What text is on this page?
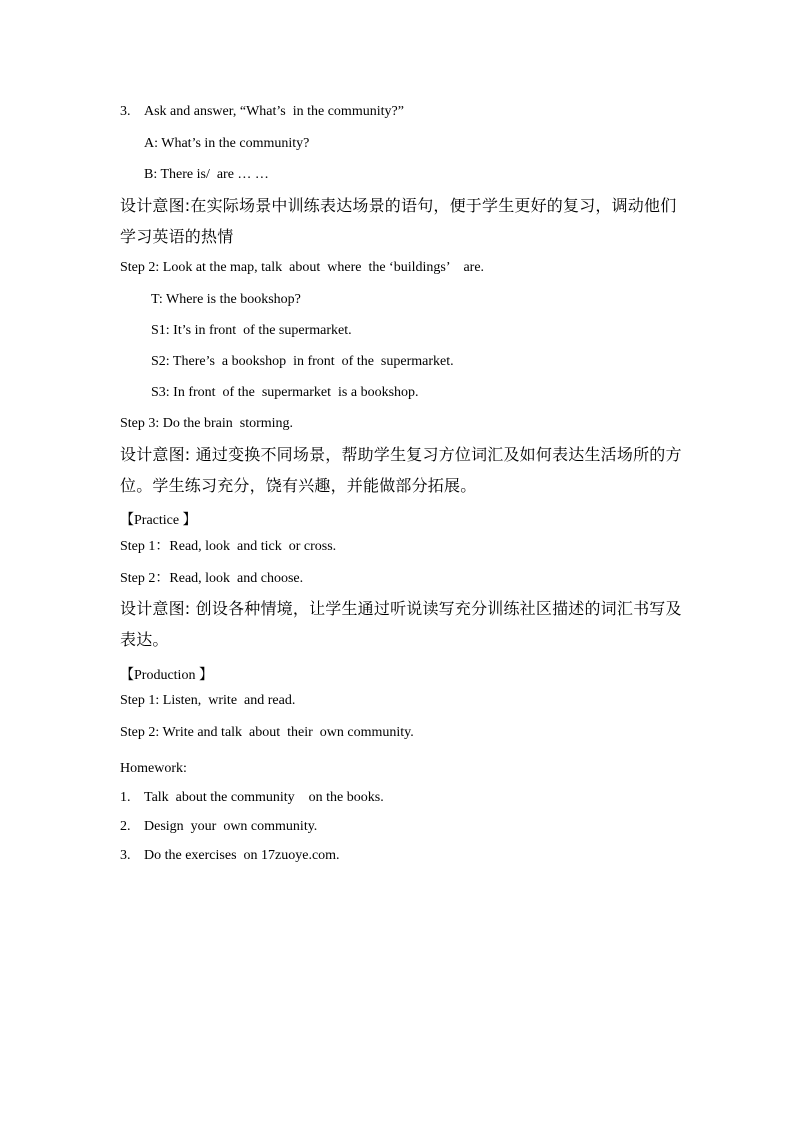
3. Ask and answer, “What’s  in the community?”
A: What’s in the community?
B: There is/  are … …
设计意图:在实际场景中训练表达场景的语句，便于学生更好的复习，调动他们
学习英语的热情
Step 2: Look at the map, talk  about  where  the ‘buildings’    are.
T: Where is the bookshop?
S1: It’s in front  of the supermarket.
S2: There’s  a bookshop  in front  of the  supermarket.
S3: In front  of the  supermarket  is a bookshop.
Step 3: Do the brain  storming.
设计意图: 通过变换不同场景，帮助学生复习方位词汇及如何表达生活场所的方
位。学生练习充分，饶有兴趣，并能做部分拓展。
【Practice 】
Step 1：Read, look  and tick  or cross.
Step 2：Read, look  and choose.
设计意图: 创设各种情境，让学生通过听说读写充分训练社区描述的词汇书写及
表达。
【Production 】
Step 1: Listen,  write  and read.
Step 2: Write and talk  about  their  own community.
Homework:
1. Talk  about the community    on the books.
2. Design  your  own community.
3. Do the exercises  on 17zuoye.com.
